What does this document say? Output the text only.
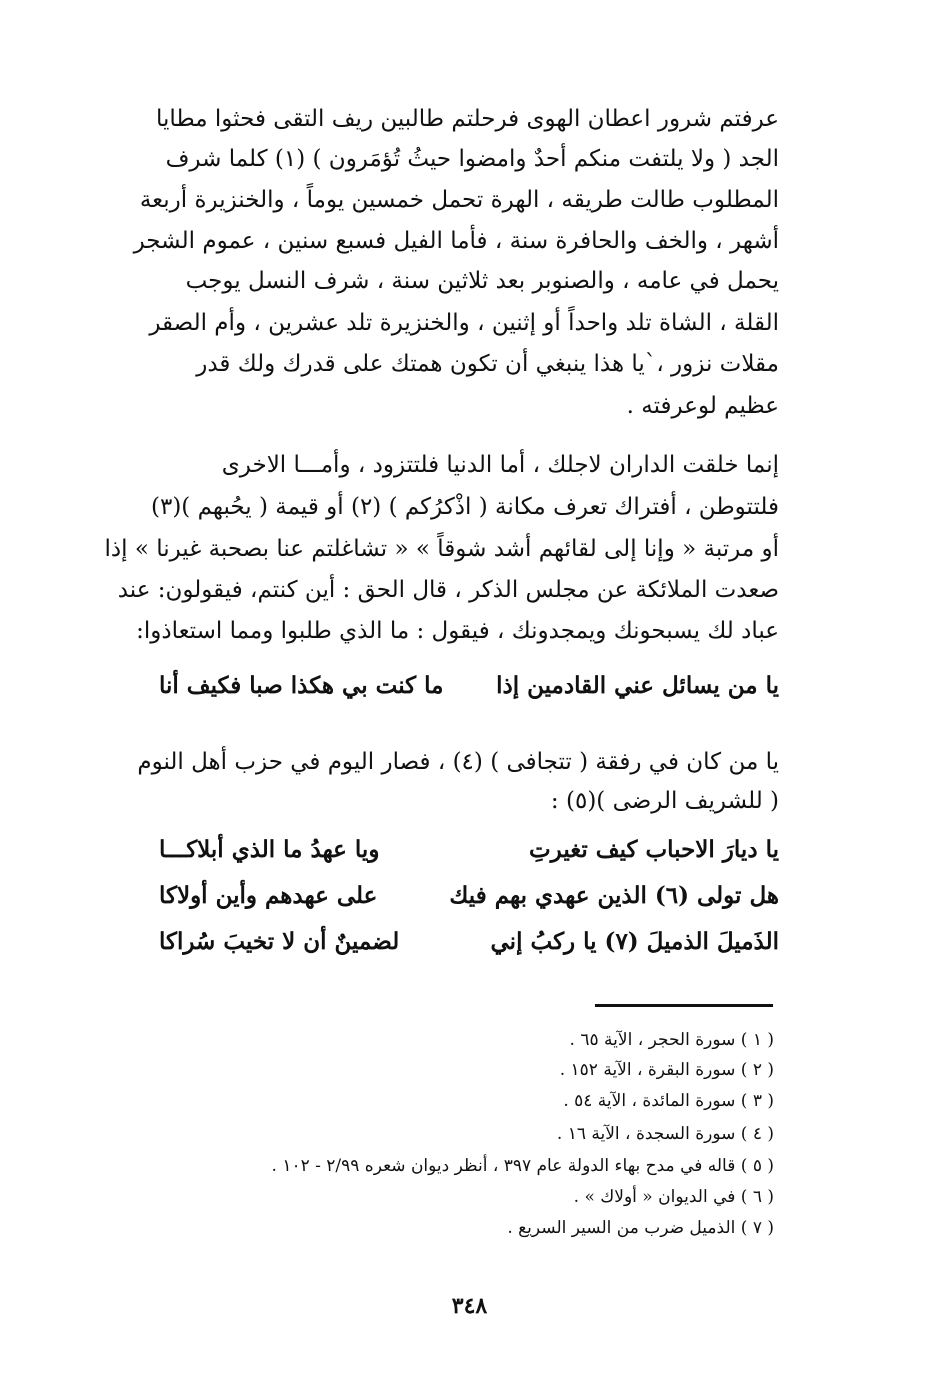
عرفتم شرور اعطان الهوى فرحلتم طالبين ريف التقى فحثوا مطايا
الجد ( ولا يلتفت منكم أحدٌ وامضوا حيثُ تُؤمَرون ) (١) كلما شرف
المطلوب طالت طريقه ، الهرة تحمل خمسين يوماً ، والخنزيرة أربعة
أشهر ، والخف والحافرة سنة ، فأما الفيل فسبع سنين ، عموم الشجر
يحمل في عامه ، والصنوبر بعد ثلاثين سنة ، شرف النسل يوجب
القلة ، الشاة تلد واحداً أو إثنين ، والخنزيرة تلد عشرين ، وأم الصقر
مقلات نزور ،`يا هذا ينبغي أن تكون همتك على قدرك ولك قدر
عظيم لوعرفته .
إنما خلقت الداران لاجلك ، أما الدنيا فلتتزود ، وأمـــا الاخرى
فلتتوطن ، أفتراك تعرف مكانة ( اذْكرُكم ) (٢) أو قيمة ( يحُبهم )(٣)
أو مرتبة « وإنا إلى لقائهم أشد شوقاً » « تشاغلتم عنا بصحبة غيرنا » إذا
صعدت الملائكة عن مجلس الذكر ، قال الحق : أين كنتم، فيقولون: عند
عباد لك يسبحونك ويمجدونك ، فيقول : ما الذي طلبوا ومما استعاذوا:
يا من يسائل عني القادمين إذا
ما كنت بي هكذا صبا فكيف أنا
يا من كان في رفقة ( تتجافى ) (٤) ، فصار اليوم في حزب أهل النوم
( للشريف الرضى )(٥) :
يا ديارَ الاحباب كيف تغيرتِ
ويا عهدُ ما الذي أبلاكـــا
هل تولى (٦) الذين عهدي بهم فيك
على عهدهم وأين أولاكا
الذَميلَ الذميلَ (٧) يا ركبُ إني
لضمينٌ أن لا تخيبَ سُراكا
( ١ ) سورة الحجر ، الآية ٦٥ .
( ٢ ) سورة البقرة ، الآية ١٥٢ .
( ٣ ) سورة المائدة ، الآية ٥٤ .
( ٤ ) سورة السجدة ، الآية ١٦ .
( ٥ ) قاله في مدح بهاء الدولة عام ٣٩٧ ، أنظر ديوان شعره ٢/٩٩ - ١٠٢ .
( ٦ ) في الديوان « أولاك » .
( ٧ ) الذميل ضرب من السير السريع .
٣٤٨
